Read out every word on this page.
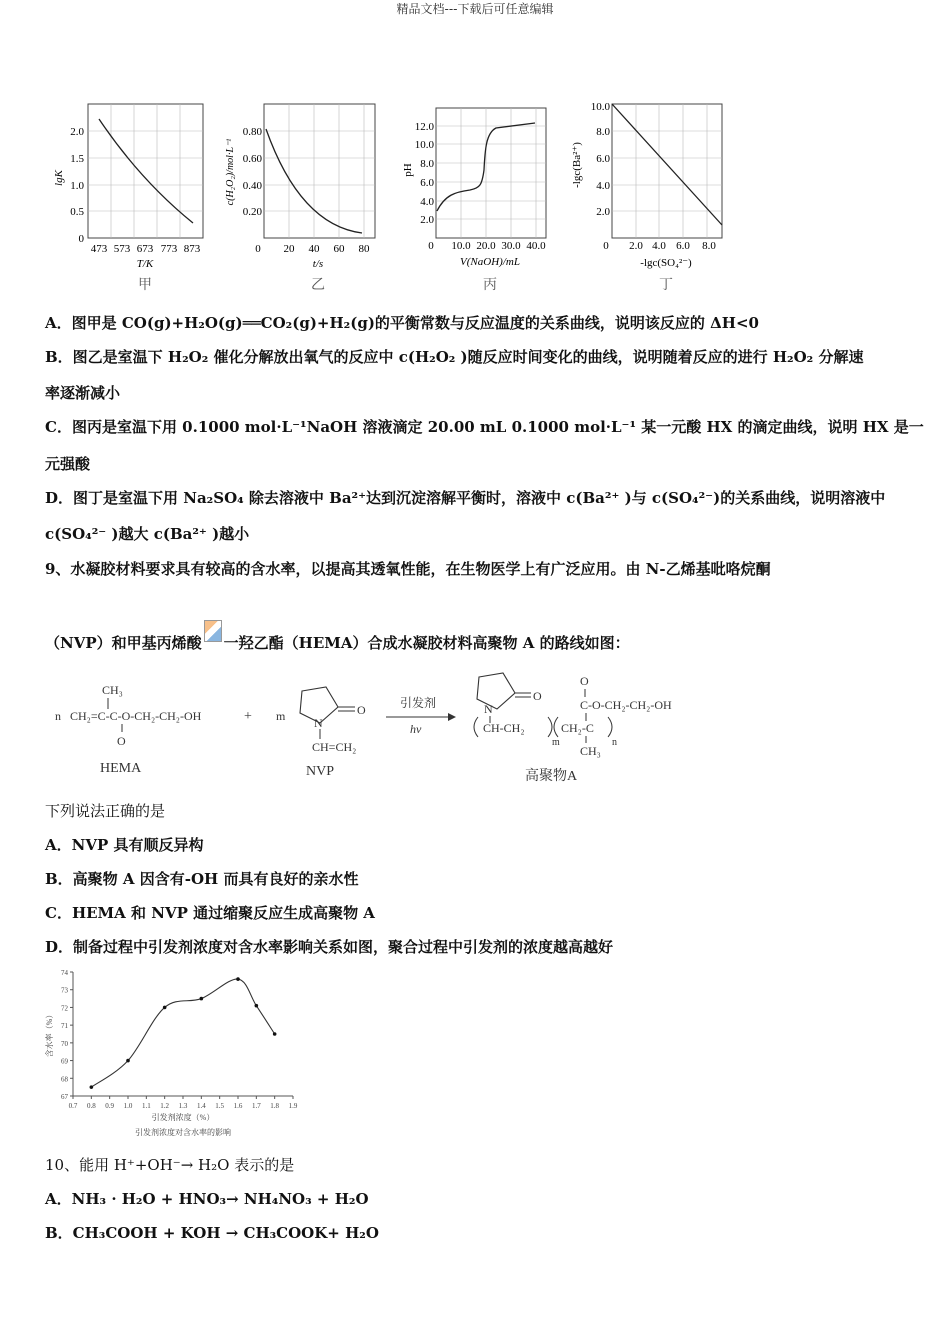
精品文档---下载后可任意编辑
2.0
1.5
1.0
0.5
0
473 573 673 773 873
lgK
T/K
甲
0.80
0.60
0.40
0.20
0 20 40 60 80
c(H₂O₂)/mol·L⁻¹
t/s
乙
12.0
10.0
8.0
6.0
4.0
2.0
0 10.0 20.0 30.0 40.0
pH
V(NaOH)/mL
丙
10.0
8.0
6.0
4.0
2.0
0 2.0 4.0 6.0 8.0
-lgc(Ba²⁺)
-lgc(SO₄²⁻)
丁
A．图甲是 CO(g)+H₂O(g)══CO₂(g)+H₂(g)的平衡常数与反应温度的关系曲线，说明该反应的 ΔH<0
B．图乙是室温下 H₂O₂ 催化分解放出氧气的反应中 c(H₂O₂ )随反应时间变化的曲线，说明随着反应的进行 H₂O₂ 分解速
率逐渐减小
C．图丙是室温下用 0.1000 mol·L⁻¹NaOH 溶液滴定 20.00 mL 0.1000 mol·L⁻¹ 某一元酸 HX 的滴定曲线，说明 HX 是一
元强酸
D．图丁是室温下用 Na₂SO₄ 除去溶液中 Ba²⁺达到沉淀溶解平衡时，溶液中 c(Ba²⁺ )与 c(SO₄²⁻)的关系曲线，说明溶液中
c(SO₄²⁻ )越大 c(Ba²⁺ )越小
9、水凝胶材料要求具有较高的含水率，以提高其透氧性能，在生物医学上有广泛应用。由 N-乙烯基吡咯烷酮
（NVP）和甲基丙烯酸 一羟乙酯（HEMA）合成水凝胶材料高聚物 A 的路线如图：
n
CH₃
CH₂=C-C-O-CH₂-CH₂-OH
O
HEMA
+ m	O
N
CH=CH₂
NVP
引发剂
hν
O
N
CH-CH₂
m
CH₂-C
n
O
C-O-CH₂-CH₂-OH
CH₃
高聚物A
下列说法正确的是
A．NVP 具有顺反异构
B．高聚物 A 因含有-OH 而具有良好的亲水性
C．HEMA 和 NVP 通过缩聚反应生成高聚物 A
D．制备过程中引发剂浓度对含水率影响关系如图，聚合过程中引发剂的浓度越高越好
0.7 0.8 0.9 1.0 1.1 1.2 1.3 1.4 1.5 1.6 1.7 1.8 1.9
67
68
69
70
71
72
73
74
含水率（%）
引发剂浓度（%）
引发剂浓度对含水率的影响
10、能用 H⁺+OH⁻→ H₂O 表示的是
A．NH₃ · H₂O + HNO₃→ NH₄NO₃ + H₂O
B．CH₃COOH + KOH → CH₃COOK+ H₂O
